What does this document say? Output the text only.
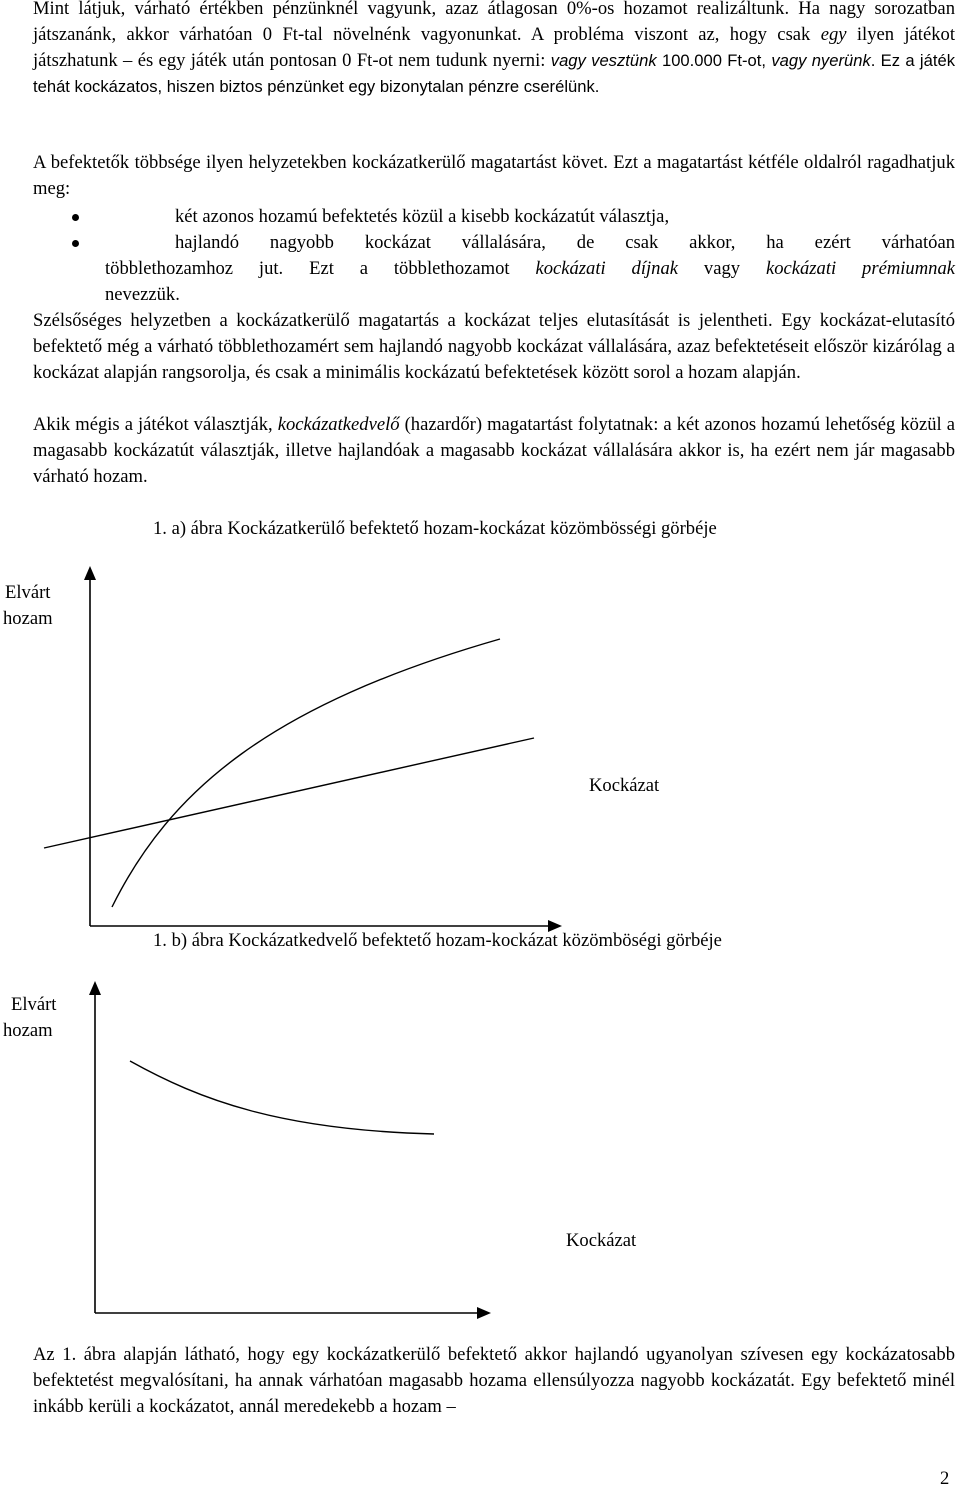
Mint látjuk, várható értékben pénzünknél vagyunk, azaz átlagosan 0%-os hozamot realizáltunk. Ha nagy sorozatban játszanánk, akkor várhatóan 0 Ft-tal növelnénk vagyonunkat. A probléma viszont az, hogy csak egy ilyen játékot játszhatunk – és egy játék után pontosan 0 Ft-ot nem tudunk nyerni: vagy vesztünk 100.000 Ft-ot, vagy nyerünk. Ez a játék tehát kockázatos, hiszen biztos pénzünket egy bizonytalan pénzre cserélünk.

A befektetők többsége ilyen helyzetekben kockázatkerülő magatartást követ. Ezt a magatartást kétféle oldalról ragadhatjuk meg:

két azonos hozamú befektetés közül a kisebb kockázatút választja,

hajlandó nagyobb kockázat vállalására, de csak akkor, ha ezért várhatóan

többlethozamhoz jut. Ezt a többlethozamot kockázati díjnak vagy kockázati prémiumnak

nevezzük.

Szélsőséges helyzetben a kockázatkerülő magatartás a kockázat teljes elutasítását is jelentheti. Egy kockázat-elutasító befektető még a várható többlethozamért sem hajlandó nagyobb kockázat vállalására, azaz befektetéseit először kizárólag a kockázat alapján rangsorolja, és csak a minimális kockázatú befektetések között sorol a hozam alapján.

Akik mégis a játékot választják, kockázatkedvelő (hazardőr) magatartást folytatnak: a két azonos hozamú lehetőség közül a magasabb kockázatút választják, illetve hajlandóak a magasabb kockázat vállalására akkor is, ha ezért nem jár magasabb várható hozam.

1. a) ábra Kockázatkerülő befektető hozam-kockázat közömbösségi görbéje

Elvárt

hozam

Kockázat

1. b) ábra Kockázatkedvelő befektető hozam-kockázat közömböségi görbéje

Elvárt

hozam

Kockázat

Az 1. ábra alapján látható, hogy egy kockázatkerülő befektető akkor hajlandó ugyanolyan szívesen egy kockázatosabb befektetést megvalósítani, ha annak várhatóan magasabb hozama ellensúlyozza nagyobb kockázatát. Egy befektető minél inkább kerüli a kockázatot, annál meredekebb a hozam –

2
